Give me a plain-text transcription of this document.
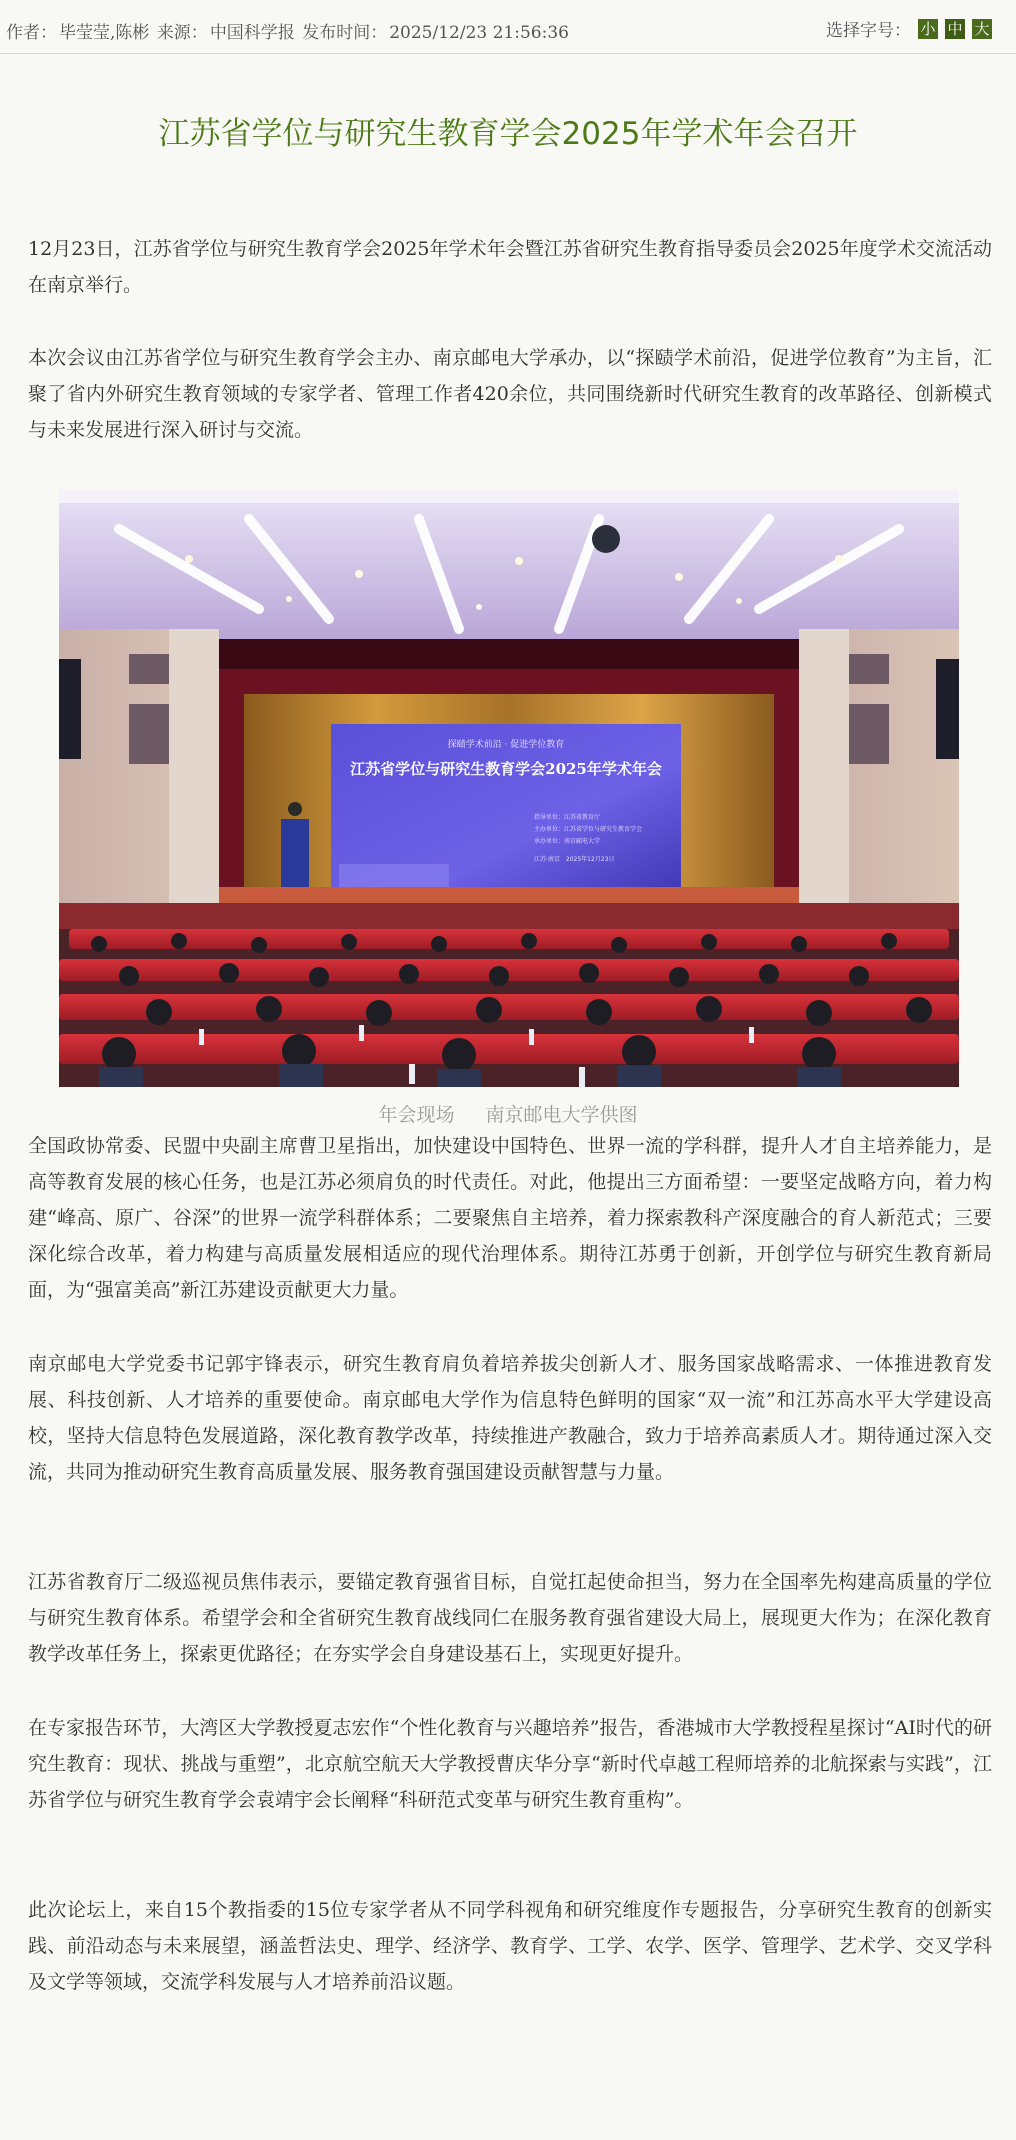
作者： 毕莹莹,陈彬 来源： 中国科学报 发布时间： 2025/12/23 21:56:36	选择字号： 小 中 大
江苏省学位与研究生教育学会2025年学术年会召开

12月23日，江苏省学位与研究生教育学会2025年学术年会暨江苏省研究生教育指导委员会2025年度学术交流活动在南京举行。

本次会议由江苏省学位与研究生教育学会主办、南京邮电大学承办，以“探赜学术前沿，促进学位教育”为主旨，汇聚了省内外研究生教育领域的专家学者、管理工作者420余位，共同围绕新时代研究生教育的改革路径、创新模式与未来发展进行深入研讨与交流。

探赜学术前沿 · 促进学位教育
江苏省学位与研究生教育学会2025年学术年会
指导单位：江苏省教育厅
主办单位：江苏省学位与研究生教育学会
承办单位：南京邮电大学
江苏·南京　2025年12月23日
年会现场　  南京邮电大学供图

全国政协常委、民盟中央副主席曹卫星指出，加快建设中国特色、世界一流的学科群，提升人才自主培养能力，是高等教育发展的核心任务，也是江苏必须肩负的时代责任。对此，他提出三方面希望：一要坚定战略方向，着力构建“峰高、原广、谷深”的世界一流学科群体系；二要聚焦自主培养，着力探索教科产深度融合的育人新范式；三要深化综合改革，着力构建与高质量发展相适应的现代治理体系。期待江苏勇于创新，开创学位与研究生教育新局面，为“强富美高”新江苏建设贡献更大力量。

南京邮电大学党委书记郭宇锋表示，研究生教育肩负着培养拔尖创新人才、服务国家战略需求、一体推进教育发展、科技创新、人才培养的重要使命。南京邮电大学作为信息特色鲜明的国家“双一流”和江苏高水平大学建设高校，坚持大信息特色发展道路，深化教育教学改革，持续推进产教融合，致力于培养高素质人才。期待通过深入交流，共同为推动研究生教育高质量发展、服务教育强国建设贡献智慧与力量。

江苏省教育厅二级巡视员焦伟表示，要锚定教育强省目标，自觉扛起使命担当，努力在全国率先构建高质量的学位与研究生教育体系。希望学会和全省研究生教育战线同仁在服务教育强省建设大局上，展现更大作为；在深化教育教学改革任务上，探索更优路径；在夯实学会自身建设基石上，实现更好提升。

在专家报告环节，大湾区大学教授夏志宏作“个性化教育与兴趣培养”报告，香港城市大学教授程星探讨“AI时代的研究生教育：现状、挑战与重塑”，北京航空航天大学教授曹庆华分享“新时代卓越工程师培养的北航探索与实践”，江苏省学位与研究生教育学会袁靖宇会长阐释“科研范式变革与研究生教育重构”。

此次论坛上，来自15个教指委的15位专家学者从不同学科视角和研究维度作专题报告，分享研究生教育的创新实践、前沿动态与未来展望，涵盖哲法史、理学、经济学、教育学、工学、农学、医学、管理学、艺术学、交叉学科及文学等领域，交流学科发展与人才培养前沿议题。
